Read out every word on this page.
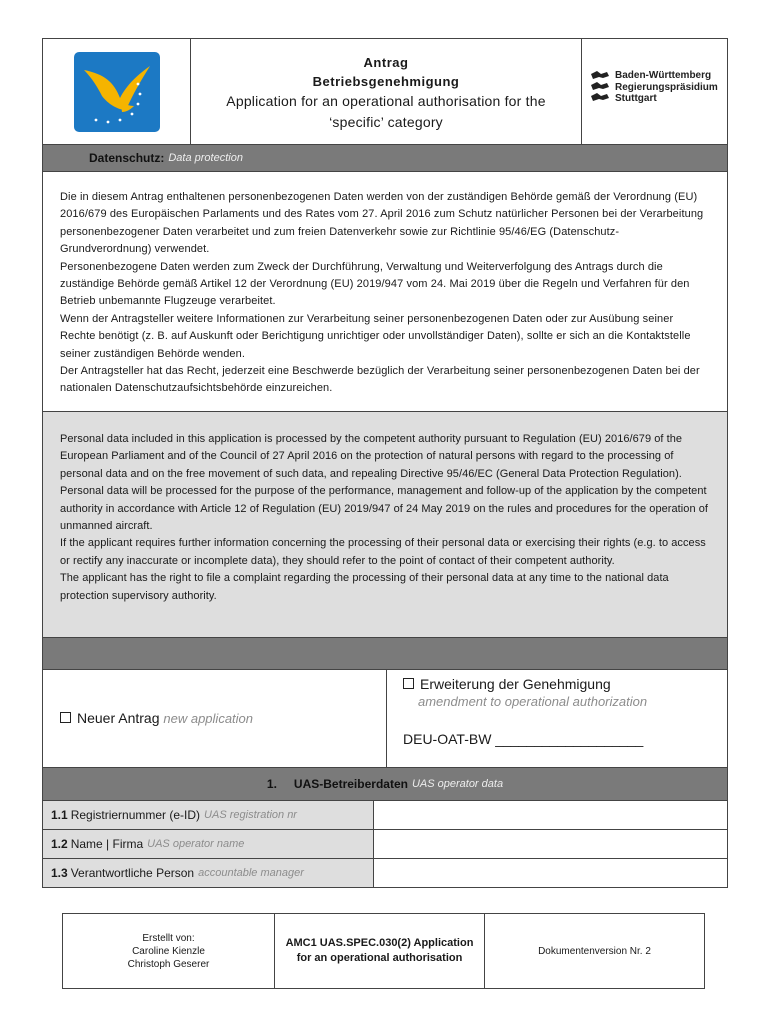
Antrag
Betriebsgenehmigung
Application for an operational authorisation for the
‘specific’ category
Baden-Württemberg
Regierungspräsidium
Stuttgart
Datenschutz: Data protection
Die in diesem Antrag enthaltenen personenbezogenen Daten werden von der zuständigen Behörde gemäß der Verordnung (EU) 2016/679 des Europäischen Parlaments und des Rates vom 27. April 2016 zum Schutz natürlicher Personen bei der Verarbeitung personenbezogener Daten verarbeitet und zum freien Datenverkehr sowie zur Richtlinie 95/46/EG (Datenschutz-Grundverordnung) verwendet.
Personenbezogene Daten werden zum Zweck der Durchführung, Verwaltung und Weiterverfolgung des Antrags durch die zuständige Behörde gemäß Artikel 12 der Verordnung (EU) 2019/947 vom 24. Mai 2019 über die Regeln und Verfahren für den Betrieb unbemannte Flugzeuge verarbeitet.
Wenn der Antragsteller weitere Informationen zur Verarbeitung seiner personenbezogenen Daten oder zur Ausübung seiner Rechte benötigt (z. B. auf Auskunft oder Berichtigung unrichtiger oder unvollständiger Daten), sollte er sich an die Kontaktstelle seiner zuständigen Behörde wenden.
Der Antragsteller hat das Recht, jederzeit eine Beschwerde bezüglich der Verarbeitung seiner personenbezogenen Daten bei der nationalen Datenschutzaufsichtsbehörde einzureichen.
Personal data included in this application is processed by the competent authority pursuant to Regulation (EU) 2016/679 of the European Parliament and of the Council of 27 April 2016 on the protection of natural persons with regard to the processing of personal data and on the free movement of such data, and repealing Directive 95/46/EC (General Data Protection Regulation). Personal data will be processed for the purpose of the performance, management and follow-up of the application by the competent authority in accordance with Article 12 of Regulation (EU) 2019/947 of 24 May 2019 on the rules and procedures for the operation of unmanned aircraft.
If the applicant requires further information concerning the processing of their personal data or exercising their rights (e.g. to access or rectify any inaccurate or incomplete data), they should refer to the point of contact of their competent authority.
The applicant has the right to file a complaint regarding the processing of their personal data at any time to the national data protection supervisory authority.
Neuer Antrag new application
Erweiterung der Genehmigung
amendment to operational authorization
DEU-OAT-BW ___________________
1. UAS-Betreiberdaten UAS operator data
1.1 Registriernummer (e-ID) UAS registration nr
1.2 Name | Firma UAS operator name
1.3 Verantwortliche Person accountable manager
Erstellt von:
Caroline Kienzle
Christoph Geserer
AMC1 UAS.SPEC.030(2) Application
for an operational authorisation
Dokumentenversion Nr. 2
